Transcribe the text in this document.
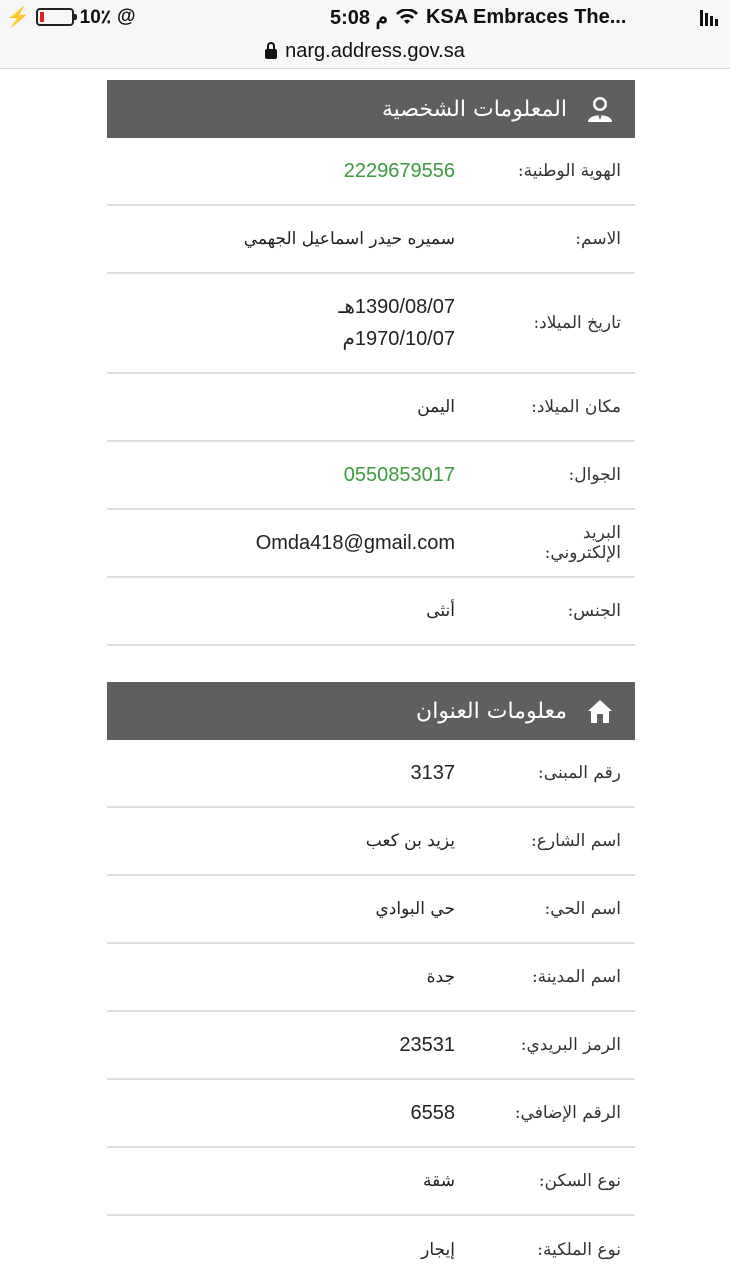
⚡	10٪ @	5:08 م KSA Embraces The...
narg.address.gov.sa
المعلومات الشخصية
الهوية الوطنية:
2229679556
الاسم:
سميره حيدر اسماعيل الجهمي
تاريخ الميلاد:
1390/08/07هـ
1970/10/07م
مكان الميلاد:
اليمن
الجوال:
0550853017
البريد الإلكتروني:
Omda418@gmail.com
الجنس:
أنثى
معلومات العنوان
رقم المبنى:
3137
اسم الشارع:
يزيد بن كعب
اسم الحي:
حي البوادي
اسم المدينة:
جدة
الرمز البريدي:
23531
الرقم الإضافي:
6558
نوع السكن:
شقة
نوع الملكية:
إيجار
